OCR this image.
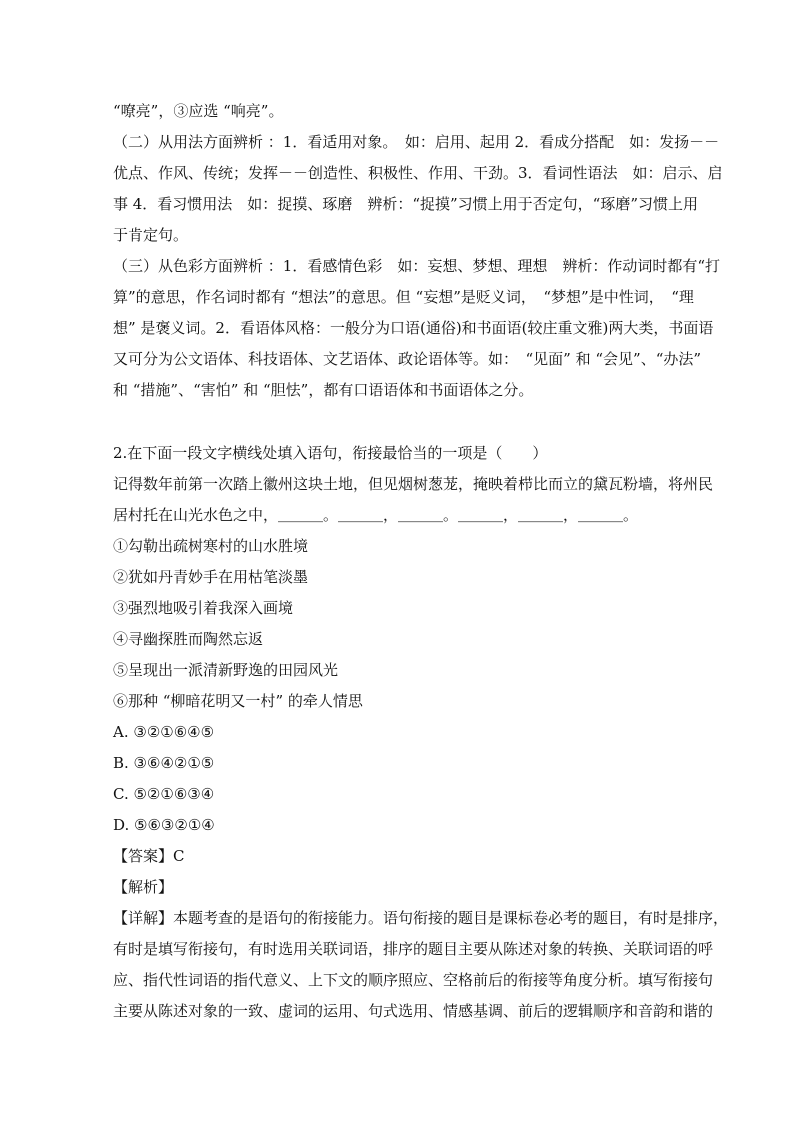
“嘹亮”，③应选 “响亮”。
（二）从用法方面辨析 ：1．看适用对象。　如：启用、起用 2．看成分搭配　如：发扬－－
优点、作风、传统；发挥－－创造性、积极性、作用、干劲。3．看词性语法　如：启示、启
事 4．看习惯用法　如：捉摸、琢磨　辨析：“捉摸”习惯上用于否定句，“琢磨”习惯上用
于肯定句。
（三）从色彩方面辨析 ：1．看感情色彩　如：妄想、梦想、理想　辨析：作动词时都有“打
算”的意思，作名词时都有 “想法”的意思。但 “妄想”是贬义词，　“梦想”是中性词，　“理
想” 是褒义词。2．看语体风格：一般分为口语(通俗)和书面语(较庄重文雅)两大类，书面语
又可分为公文语体、科技语体、文艺语体、政论语体等。如：　“见面” 和 “会见”、“办法”
和 “措施”、“害怕” 和 “胆怯”，都有口语语体和书面语体之分。
2.在下面一段文字横线处填入语句，衔接最恰当的一项是（　　）
记得数年前第一次踏上徽州这块土地，但见烟树葱茏，掩映着栉比而立的黛瓦粉墙，将州民
居村托在山光水色之中，＿＿＿。＿＿＿，＿＿＿。＿＿＿，＿＿＿，＿＿＿。
①勾勒出疏树寒村的山水胜境
②犹如丹青妙手在用枯笔淡墨
③强烈地吸引着我深入画境
④寻幽探胜而陶然忘返
⑤呈现出一派清新野逸的田园风光
⑥那种 “柳暗花明又一村” 的牵人情思
A. ③②①⑥④⑤
B. ③⑥④②①⑤
C. ⑤②①⑥③④
D. ⑤⑥③②①④
【答案】C
【解析】
【详解】本题考查的是语句的衔接能力。语句衔接的题目是课标卷必考的题目，有时是排序，
有时是填写衔接句，有时选用关联词语，排序的题目主要从陈述对象的转换、关联词语的呼
应、指代性词语的指代意义、上下文的顺序照应、空格前后的衔接等角度分析。填写衔接句
主要从陈述对象的一致、虚词的运用、句式选用、情感基调、前后的逻辑顺序和音韵和谐的
